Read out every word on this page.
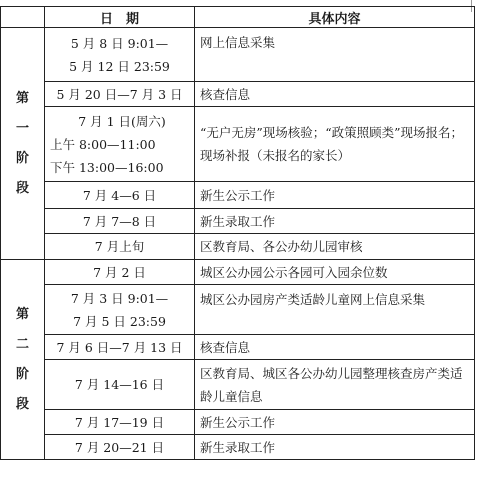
	日　期	具体内容

第
一
阶
段	5 月 8 日 9:01—
5 月 12 日 23:59	网上信息采集

	5 月 20 日—7 月 3 日	核查信息

	7 月 1 日(周六)
上午 8:00—11:00
下午 13:00—16:00	“无户无房”现场核验；“政策照顾类”现场报名；现场补报（未报名的家长）

	7 月 4—6 日	新生公示工作

	7 月 7—8 日	新生录取工作

	7 月上旬	区教育局、各公办幼儿园审核

第
二
阶
段	7 月 2 日	城区公办园公示各园可入园余位数

	7 月 3 日 9:01—
7 月 5 日 23:59	城区公办园房产类适龄儿童网上信息采集

	7 月 6 日—7 月 13 日	核查信息

	7 月 14—16 日	区教育局、城区各公办幼儿园整理核查房产类适龄儿童信息

	7 月 17—19 日	新生公示工作

	7 月 20—21 日	新生录取工作
